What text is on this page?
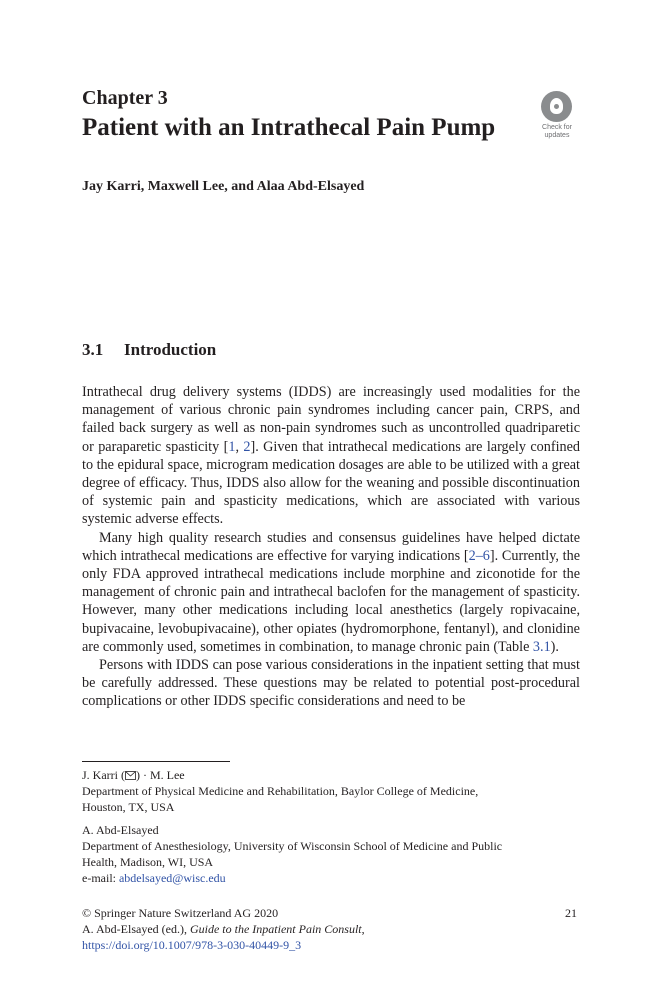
Chapter 3
Patient with an Intrathecal Pain Pump	Check for
updates
Jay Karri, Maxwell Lee, and Alaa Abd-Elsayed
3.1 Introduction

Intrathecal drug delivery systems (IDDS) are increasingly used modalities for the management of various chronic pain syndromes including cancer pain, CRPS, and failed back surgery as well as non-pain syndromes such as uncontrolled quadriparetic or paraparetic spasticity [1, 2]. Given that intrathecal medications are largely confined to the epidural space, microgram medication dosages are able to be utilized with a great degree of efficacy. Thus, IDDS also allow for the weaning and possible discontinuation of systemic pain and spasticity medications, which are associated with various systemic adverse effects.

Many high quality research studies and consensus guidelines have helped dictate which intrathecal medications are effective for varying indications [2–6]. Currently, the only FDA approved intrathecal medications include morphine and ziconotide for the management of chronic pain and intrathecal baclofen for the management of spasticity. However, many other medications including local anesthetics (largely ropivacaine, bupivacaine, levobupivacaine), other opiates (hydromorphone, fentanyl), and clonidine are commonly used, sometimes in combination, to manage chronic pain (Table 3.1).

Persons with IDDS can pose various considerations in the inpatient setting that must be carefully addressed. These questions may be related to potential post-procedural complications or other IDDS specific considerations and need to be

J. Karri ( ) · M. Lee
Department of Physical Medicine and Rehabilitation, Baylor College of Medicine,
Houston, TX, USA
A. Abd-Elsayed
Department of Anesthesiology, University of Wisconsin School of Medicine and Public
Health, Madison, WI, USA
e-mail: abdelsayed@wisc.edu
© Springer Nature Switzerland AG 2020
A. Abd-Elsayed (ed.), Guide to the Inpatient Pain Consult,
https://doi.org/10.1007/978-3-030-40449-9_3
21
